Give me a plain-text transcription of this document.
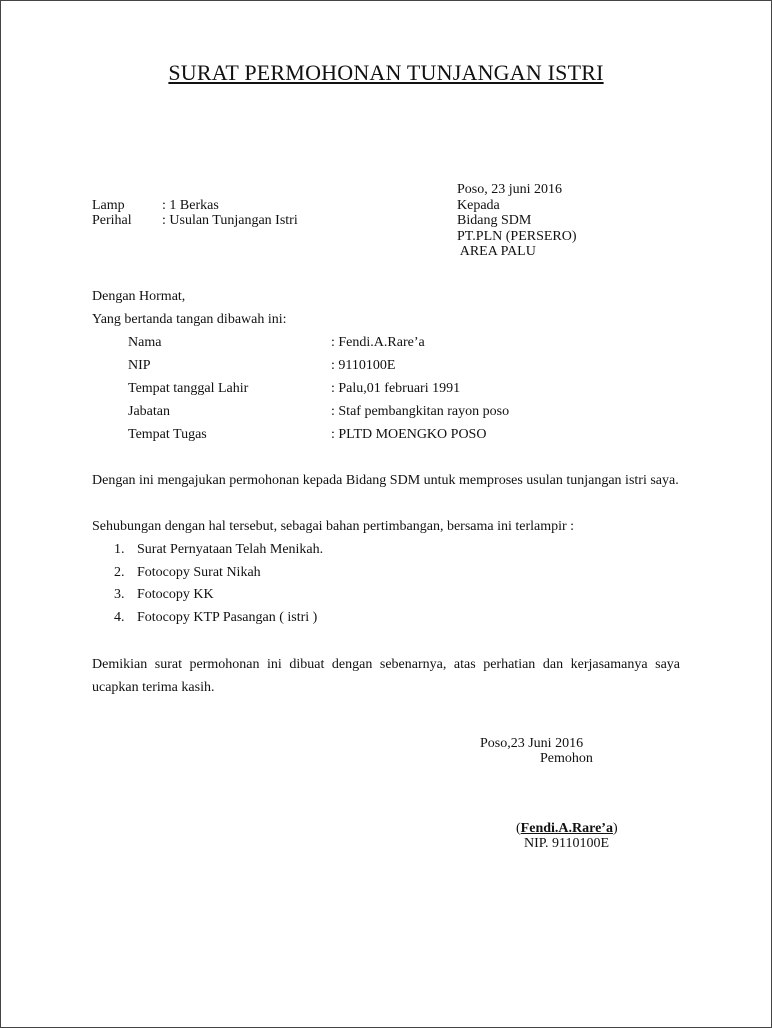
SURAT PERMOHONAN TUNJANGAN ISTRI
Poso, 23 juni 2016
Kepada
Bidang SDM
PT.PLN (PERSERO)
AREA PALU
Lamp	: 1 Berkas
Perihal : Usulan Tunjangan Istri
Dengan Hormat,
Yang bertanda tangan dibawah ini:
Nama	: Fendi.A.Rare’a
NIP	: 9110100E
Tempat tanggal Lahir	: Palu,01 februari 1991
Jabatan	: Staf pembangkitan rayon poso
Tempat Tugas	: PLTD MOENGKO POSO
Dengan ini mengajukan permohonan kepada Bidang SDM untuk memproses usulan tunjangan istri saya.
Sehubungan dengan hal tersebut, sebagai bahan pertimbangan, bersama ini terlampir :
1. Surat Pernyataan Telah Menikah.
2. Fotocopy Surat Nikah
3. Fotocopy KK
4. Fotocopy KTP Pasangan ( istri )
Demikian surat permohonan ini dibuat dengan sebenarnya, atas perhatian dan kerjasamanya saya ucapkan terima kasih.
Poso,23 Juni 2016
Pemohon
(Fendi.A.Rare’a)
NIP. 9110100E
